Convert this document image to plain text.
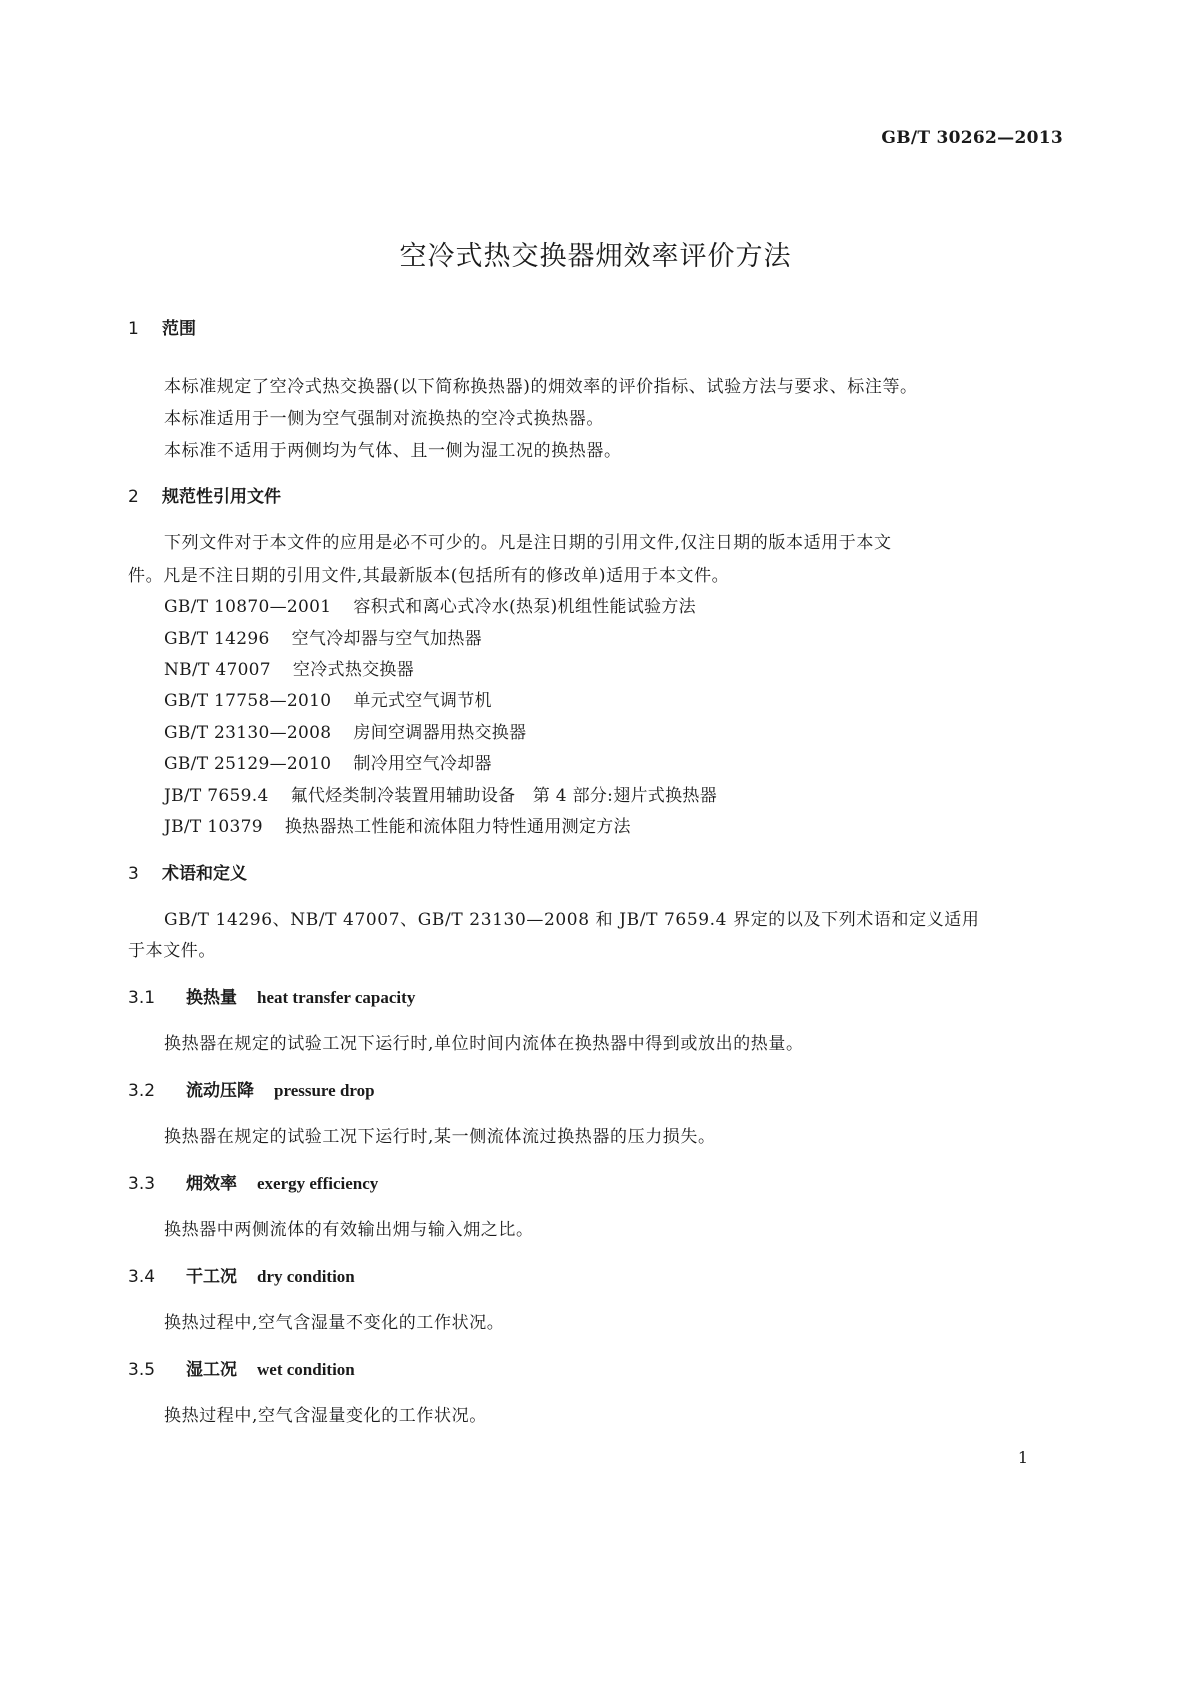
GB/T 30262—2013
空冷式热交换器㶲效率评价方法
1 范围
本标准规定了空冷式热交换器(以下简称换热器)的㶲效率的评价指标、试验方法与要求、标注等。
本标准适用于一侧为空气强制对流换热的空冷式换热器。
本标准不适用于两侧均为气体、且一侧为湿工况的换热器。
2 规范性引用文件
下列文件对于本文件的应用是必不可少的。凡是注日期的引用文件,仅注日期的版本适用于本文
件。凡是不注日期的引用文件,其最新版本(包括所有的修改单)适用于本文件。
GB/T 10870—2001 容积式和离心式冷水(热泵)机组性能试验方法
GB/T 14296 空气冷却器与空气加热器
NB/T 47007 空冷式热交换器
GB/T 17758—2010 单元式空气调节机
GB/T 23130—2008 房间空调器用热交换器
GB/T 25129—2010 制冷用空气冷却器
JB/T 7659.4 氟代烃类制冷装置用辅助设备　第 4 部分:翅片式换热器
JB/T 10379 换热器热工性能和流体阻力特性通用测定方法
3 术语和定义
GB/T 14296、NB/T 47007、GB/T 23130—2008 和 JB/T 7659.4 界定的以及下列术语和定义适用
于本文件。
3.1 换热量 heat transfer capacity
换热器在规定的试验工况下运行时,单位时间内流体在换热器中得到或放出的热量。
3.2 流动压降 pressure drop
换热器在规定的试验工况下运行时,某一侧流体流过换热器的压力损失。
3.3 㶲效率 exergy efficiency
换热器中两侧流体的有效输出㶲与输入㶲之比。
3.4 干工况 dry condition
换热过程中,空气含湿量不变化的工作状况。
3.5 湿工况 wet condition
换热过程中,空气含湿量变化的工作状况。
1
